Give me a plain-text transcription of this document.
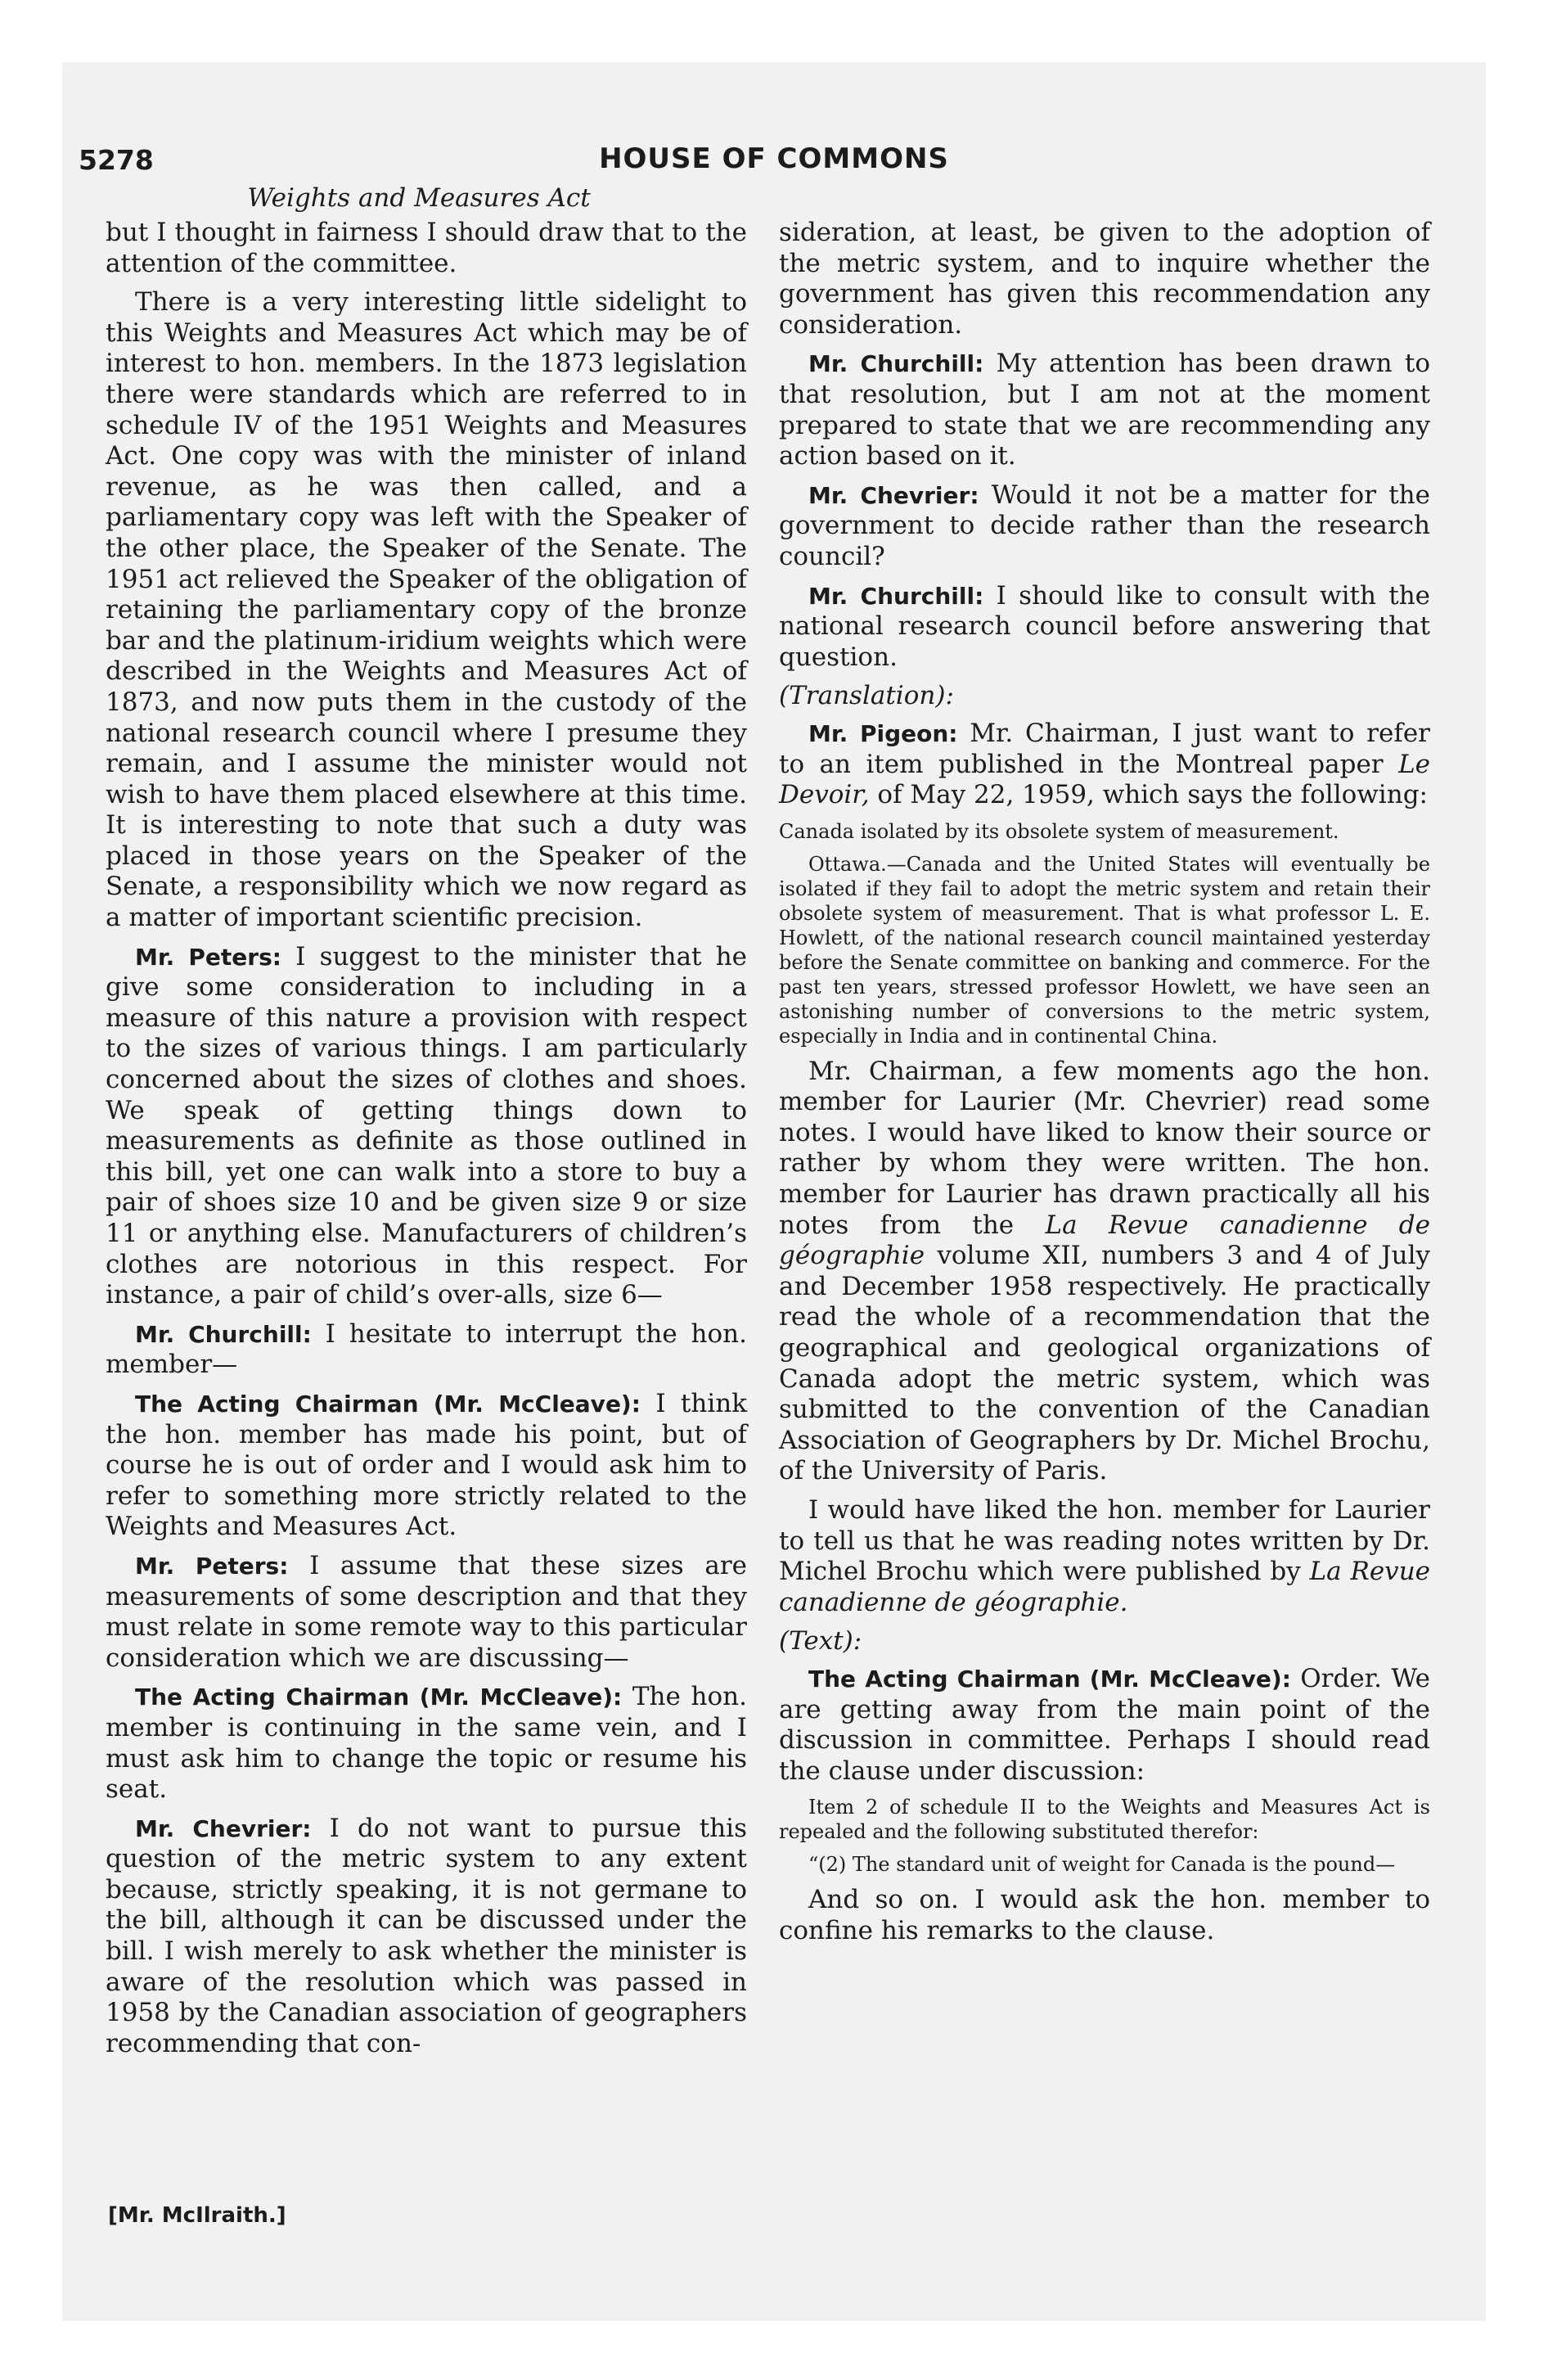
5278	HOUSE OF COMMONS
Weights and Measures Act

but I thought in fairness I should draw that to the attention of the committee.

There is a very interesting little sidelight to this Weights and Measures Act which may be of interest to hon. members. In the 1873 legislation there were standards which are referred to in schedule IV of the 1951 Weights and Measures Act. One copy was with the minister of inland revenue, as he was then called, and a parliamentary copy was left with the Speaker of the other place, the Speaker of the Senate. The 1951 act relieved the Speaker of the obligation of retaining the parliamentary copy of the bronze bar and the platinum-iridium weights which were described in the Weights and Measures Act of 1873, and now puts them in the custody of the national research council where I presume they remain, and I assume the minister would not wish to have them placed elsewhere at this time. It is interesting to note that such a duty was placed in those years on the Speaker of the Senate, a responsibility which we now regard as a matter of important scientific precision.

Mr. Peters: I suggest to the minister that he give some consideration to including in a measure of this nature a provision with respect to the sizes of various things. I am particularly concerned about the sizes of clothes and shoes. We speak of getting things down to measurements as definite as those outlined in this bill, yet one can walk into a store to buy a pair of shoes size 10 and be given size 9 or size 11 or anything else. Manufacturers of children’s clothes are notorious in this respect. For instance, a pair of child’s over-alls, size 6—

Mr. Churchill: I hesitate to interrupt the hon. member—

The Acting Chairman (Mr. McCleave): I think the hon. member has made his point, but of course he is out of order and I would ask him to refer to something more strictly related to the Weights and Measures Act.

Mr. Peters: I assume that these sizes are measurements of some description and that they must relate in some remote way to this particular consideration which we are discussing—

The Acting Chairman (Mr. McCleave): The hon. member is continuing in the same vein, and I must ask him to change the topic or resume his seat.

Mr. Chevrier: I do not want to pursue this question of the metric system to any extent because, strictly speaking, it is not germane to the bill, although it can be discussed under the bill. I wish merely to ask whether the minister is aware of the resolution which was passed in 1958 by the Canadian association of geographers recommending that con-

sideration, at least, be given to the adoption of the metric system, and to inquire whether the government has given this recommendation any consideration.

Mr. Churchill: My attention has been drawn to that resolution, but I am not at the moment prepared to state that we are recommending any action based on it.

Mr. Chevrier: Would it not be a matter for the government to decide rather than the research council?

Mr. Churchill: I should like to consult with the national research council before answering that question.

(Translation):

Mr. Pigeon: Mr. Chairman, I just want to refer to an item published in the Montreal paper Le Devoir, of May 22, 1959, which says the following:

Canada isolated by its obsolete system of measurement.

Ottawa.—Canada and the United States will eventually be isolated if they fail to adopt the metric system and retain their obsolete system of measurement. That is what professor L. E. Howlett, of the national research council maintained yesterday before the Senate committee on banking and commerce. For the past ten years, stressed professor Howlett, we have seen an astonishing number of conversions to the metric system, especially in India and in continental China.

Mr. Chairman, a few moments ago the hon. member for Laurier (Mr. Chevrier) read some notes. I would have liked to know their source or rather by whom they were written. The hon. member for Laurier has drawn practically all his notes from the La Revue canadienne de géographie volume XII, numbers 3 and 4 of July and December 1958 respectively. He practically read the whole of a recommendation that the geographical and geological organizations of Canada adopt the metric system, which was submitted to the convention of the Canadian Association of Geographers by Dr. Michel Brochu, of the University of Paris.

I would have liked the hon. member for Laurier to tell us that he was reading notes written by Dr. Michel Brochu which were published by La Revue canadienne de géographie.

(Text):

The Acting Chairman (Mr. McCleave): Order. We are getting away from the main point of the discussion in committee. Perhaps I should read the clause under discussion:

Item 2 of schedule II to the Weights and Measures Act is repealed and the following substituted therefor:

“(2) The standard unit of weight for Canada is the pound—

And so on. I would ask the hon. member to confine his remarks to the clause.

[Mr. McIlraith.]
